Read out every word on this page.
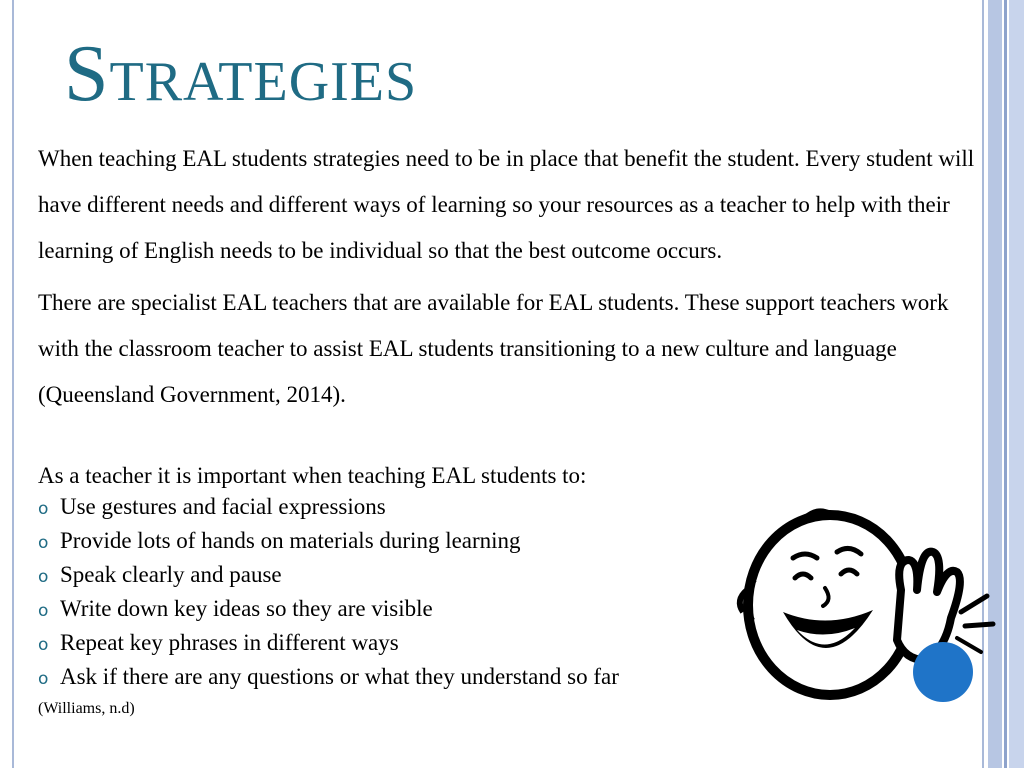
Strategies

When teaching EAL students strategies need to be in place that benefit the student. Every student will have different needs and different ways of learning so your resources as a teacher to help with their learning of English needs to be individual so that the best outcome occurs.

There are specialist EAL teachers that are available for EAL students. These support teachers work with the classroom teacher to assist EAL students transitioning to a new culture and language (Queensland Government, 2014).

As a teacher it is important when teaching EAL students to:

o Use gestures and facial expressions
o Provide lots of hands on materials during learning
o Speak clearly and pause
o Write down key ideas so they are visible
o Repeat key phrases in different ways
o Ask if there are any questions or what they understand so far
(Williams, n.d)
